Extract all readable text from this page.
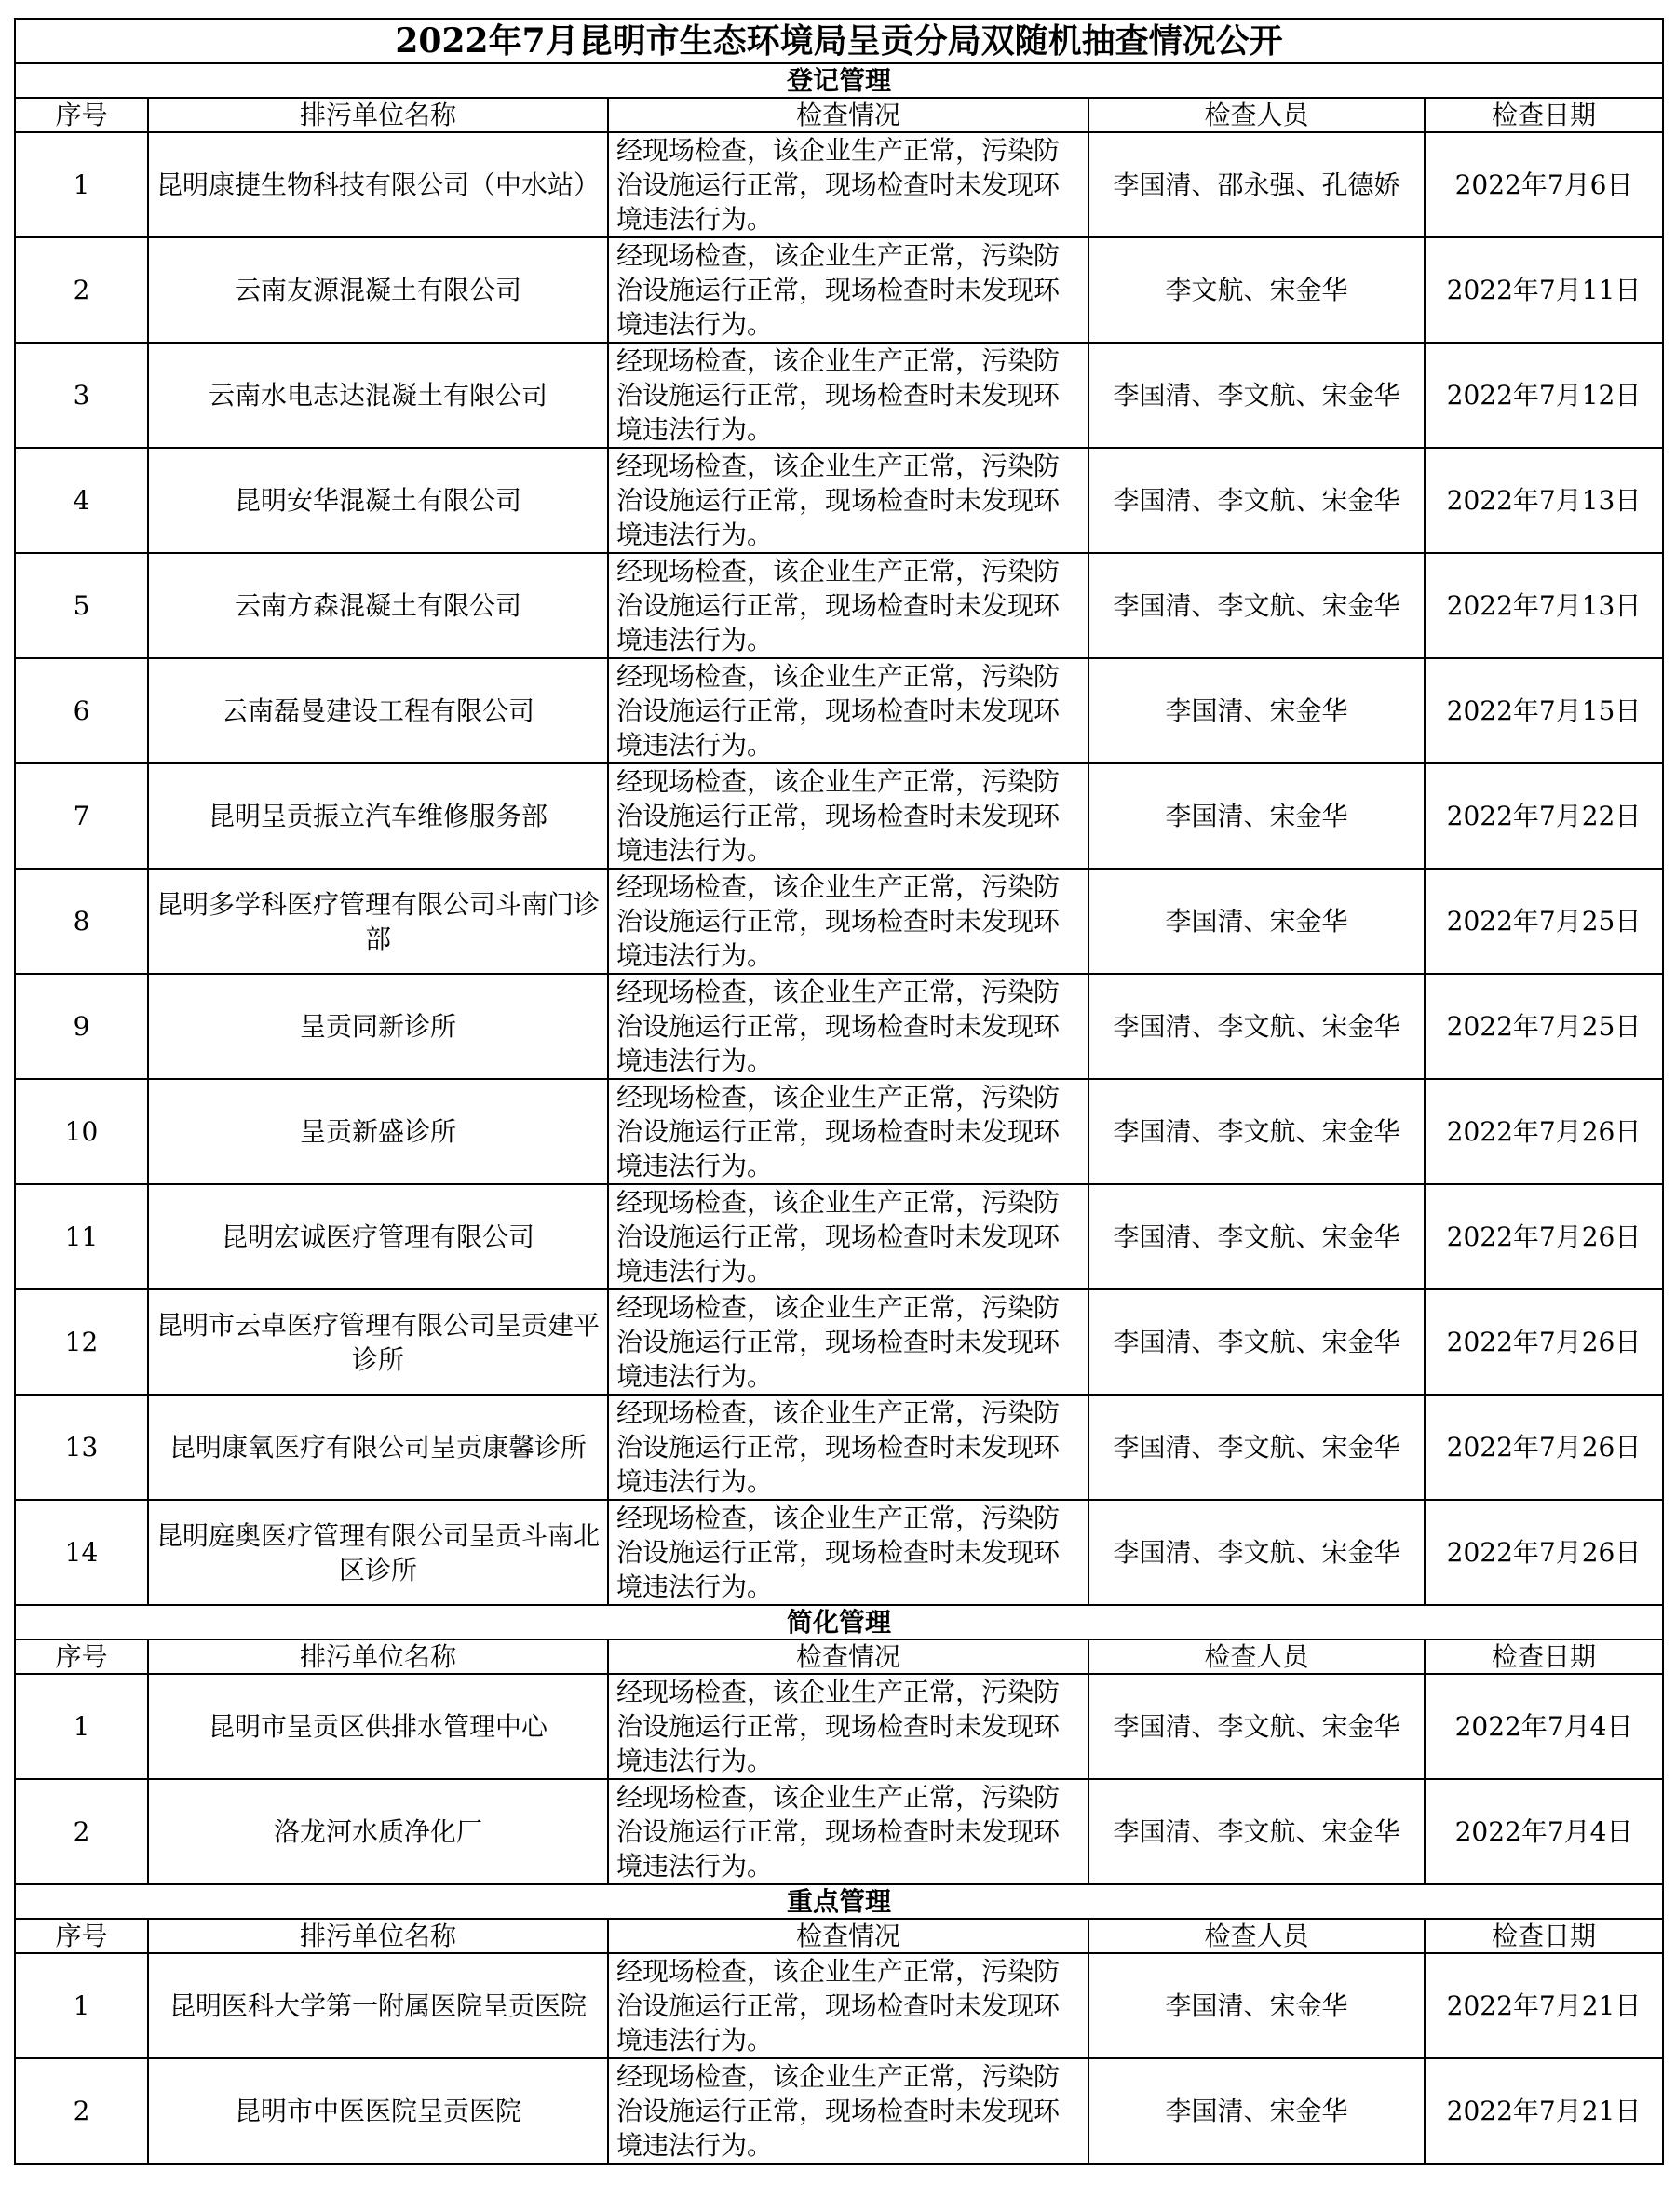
2022年7月昆明市生态环境局呈贡分局双随机抽查情况公开				
登记管理				
序号	排污单位名称	检查情况	检查人员	检查日期
1	昆明康捷生物科技有限公司（中水站）	经现场检查，该企业生产正常，污染防治设施运行正常，现场检查时未发现环境违法行为。	李国清、邵永强、孔德娇	2022年7月6日
2	云南友源混凝土有限公司	经现场检查，该企业生产正常，污染防治设施运行正常，现场检查时未发现环境违法行为。	李文航、宋金华	2022年7月11日
3	云南水电志达混凝土有限公司	经现场检查，该企业生产正常，污染防治设施运行正常，现场检查时未发现环境违法行为。	李国清、李文航、宋金华	2022年7月12日
4	昆明安华混凝土有限公司	经现场检查，该企业生产正常，污染防治设施运行正常，现场检查时未发现环境违法行为。	李国清、李文航、宋金华	2022年7月13日
5	云南方森混凝土有限公司	经现场检查，该企业生产正常，污染防治设施运行正常，现场检查时未发现环境违法行为。	李国清、李文航、宋金华	2022年7月13日
6	云南磊曼建设工程有限公司	经现场检查，该企业生产正常，污染防治设施运行正常，现场检查时未发现环境违法行为。	李国清、宋金华	2022年7月15日
7	昆明呈贡振立汽车维修服务部	经现场检查，该企业生产正常，污染防治设施运行正常，现场检查时未发现环境违法行为。	李国清、宋金华	2022年7月22日
8	昆明多学科医疗管理有限公司斗南门诊部	经现场检查，该企业生产正常，污染防治设施运行正常，现场检查时未发现环境违法行为。	李国清、宋金华	2022年7月25日
9	呈贡同新诊所	经现场检查，该企业生产正常，污染防治设施运行正常，现场检查时未发现环境违法行为。	李国清、李文航、宋金华	2022年7月25日
10	呈贡新盛诊所	经现场检查，该企业生产正常，污染防治设施运行正常，现场检查时未发现环境违法行为。	李国清、李文航、宋金华	2022年7月26日
11	昆明宏诚医疗管理有限公司	经现场检查，该企业生产正常，污染防治设施运行正常，现场检查时未发现环境违法行为。	李国清、李文航、宋金华	2022年7月26日
12	昆明市云卓医疗管理有限公司呈贡建平诊所	经现场检查，该企业生产正常，污染防治设施运行正常，现场检查时未发现环境违法行为。	李国清、李文航、宋金华	2022年7月26日
13	昆明康氧医疗有限公司呈贡康馨诊所	经现场检查，该企业生产正常，污染防治设施运行正常，现场检查时未发现环境违法行为。	李国清、李文航、宋金华	2022年7月26日
14	昆明庭奥医疗管理有限公司呈贡斗南北区诊所	经现场检查，该企业生产正常，污染防治设施运行正常，现场检查时未发现环境违法行为。	李国清、李文航、宋金华	2022年7月26日
简化管理				
序号	排污单位名称	检查情况	检查人员	检查日期
1	昆明市呈贡区供排水管理中心	经现场检查，该企业生产正常，污染防治设施运行正常，现场检查时未发现环境违法行为。	李国清、李文航、宋金华	2022年7月4日
2	洛龙河水质净化厂	经现场检查，该企业生产正常，污染防治设施运行正常，现场检查时未发现环境违法行为。	李国清、李文航、宋金华	2022年7月4日
重点管理				
序号	排污单位名称	检查情况	检查人员	检查日期
1	昆明医科大学第一附属医院呈贡医院	经现场检查，该企业生产正常，污染防治设施运行正常，现场检查时未发现环境违法行为。	李国清、宋金华	2022年7月21日
2	昆明市中医医院呈贡医院	经现场检查，该企业生产正常，污染防治设施运行正常，现场检查时未发现环境违法行为。	李国清、宋金华	2022年7月21日
